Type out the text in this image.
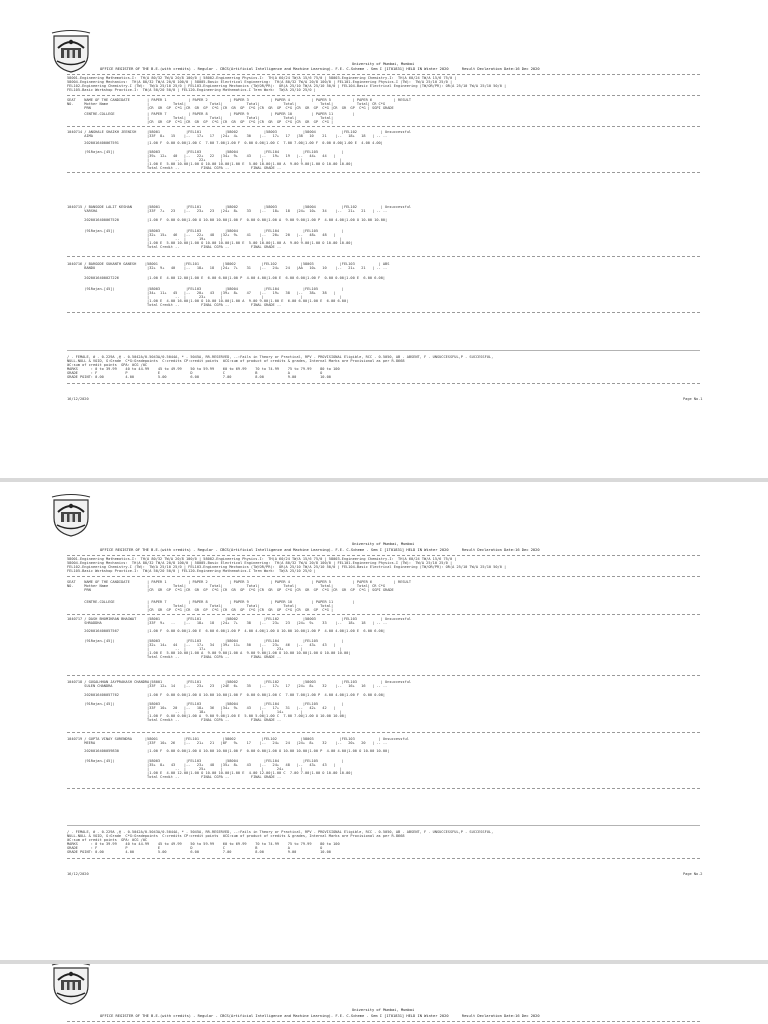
University of Mumbai, Mumbai
OFFICE REGISTER OF THE B.E.(with credits) - Regular - CBCS(Artificial Intelligence and Machine Learning)- F.E. C-Scheme - Sem I [1T01831] HELD IN Winter 2020      Result Declaration Date:16 Dec 2020
58001-Engineering Mathematics-I:  TH(A 80/32 TW/A 20/8 100/0 | 58002-Engineering Physics-I:  TH(A 60/24 TW/A 15/6 75/0 | 58003-Engineering Chemistry-I:  TH(A 60/24 TW/A 15/6 75/0 |
58004-Engineering Mechanics:  TH(A 80/32 TW/A 20/8 100/0 | 58005-Basic Electrical Engineering:  TH(A 80/32 TW/A 20/8 100/0 | FEL101-Engineering Physics-I (TW):  TW/A 25/10 25/0 |
FEL102-Engineering Chemistry-I (TW):  TW/A 25/10 25/0 | FEL103-Engineering Mechanics (TW/OR/PR):  OR(A 25/10 TW/A 25/10 50/0 | FEL104-Basic Electrical Engineering (TW/OR/PR): OR(A 25/10 TW/A 25/10 50/0 |
FEL105-Basic Workshop Practice-I:  TW(A 50/20 50/0 | FEL120-Engineering Mathematics-I Term Work:  TW/A 25/10 25/0 |
SEAT    NAME OF THE CANDIDATE        | PAPER 1          | PAPER 2          | PAPER 3          | PAPER 4          | PAPER 5          | PAPER 6          | RESULT
NO.     Mother Name                  |           Total|           Total|           Total|           Total|           Total|           Total| CR C*G
PRN                          |CR  GR  GP  C*G |CR  GR  GP  C*G |CR  GR  GP  C*G |CR  GR  GP  C*G |CR  GR  GP  C*G |CR  GR  GP  C*G | SGPI GRADE
CENTRE-COLLEGE               | PAPER 7          | PAPER 8          | PAPER 9          | PAPER 10         | PAPER 11         |
|           Total|           Total|           Total|           Total|           Total|
|CR  GR  GP  C*G |CR  GR  GP  C*G |CR  GR  GP  C*G |CR  GR  GP  C*G |CR  GR  GP  C*G |
1040714 / ANGHALE SHAIKH JEENISH     |58001            |FEL101           |58002            |58003            |58004            |FEL102           | Unsuccessful
AIMA                         |33F  8+   15    |--   17+   17   |24+  4+    30    |--   17+   17   |38   10    21    |--   18+   18   | -- --
2020016400067591             |1.00 F  0.00 0.00|1.00 C  7.00 7.00|1.00 F  0.00 0.00|1.00 C  7.00 7.00|1.00 F  0.00 0.00|1.00 E  4.00 4.00|
(91Rajan-[45])               |58003            |FEL103           |58004            |FEL104           |FEL105           |
|39+  12+   40   |--   22+   22   |34+  9+    43    |--   19+   19   |--   44+   44   |
|            --  |      22+       |                  |                 |                 |
|1.00 E  5.00 10.00|1.00 O 10.00 10.00|1.00 E  5.00 10.00|1.00 A  9.00 9.00|1.00 O 10.00 10.00|
Total Credit --          FINAL CGPA --          FINAL GRADE --
1040715 / BANSODE LALIT KESHAN       |58001            |FEL101           |58002            |58003            |58004            |FEL102           | Unsuccessful
VARSHA                       |33F  7+   23    |--   23+   23   |24+  8+    33    |--   18+   18   |24+  10+   34    |--   21+   21   | -- --
2020016400067520             |1.00 F  0.00 0.00|1.00 O 10.00 10.00|1.00 F  0.00 0.00|1.00 A  9.00 9.00|1.00 P  4.00 4.00|1.00 O 10.00 10.00|
(91Rajan-[45])               |58003            |FEL103           |58004            |FEL104           |FEL105           |
|32+  15+   46   |--   22+   48   |32+  9+    41    |--   20+   20   |--   48+   48   |
|            --  |      19+       |                  |                 |                 |
|1.00 E  5.00 10.00|1.00 O 10.00 10.00|1.00 E  5.00 10.00|1.00 A  9.00 9.00|1.00 O 10.00 10.00|
Total Credit --          FINAL CGPA --          FINAL GRADE --
1040716 / BARGODE SUKANTH GANESH    |58001            |FEL101           |58002            |FEL102           |58003            |FEL103           | ABS
BANDU                        |32+  9+   40    |--   18+   18   |24+  7+    31    |--   24+   24   |AA   10+   10    |--   21+   21   | -- --
2020016400027226             |1.00 E  4.00 12.00|1.00 E  6.00 6.00|1.00 P  4.00 4.00|1.00 E  6.00 6.00|1.00 F  0.00 0.00|1.00 E  6.00 6.00|
(91Rajan-[45])               |58003            |FEL103           |58004            |FEL104           |FEL105           |
|34+  11+   45   |--   20+   43   |39+  8+    47    |--   19+   38   |--   38+   38   |
|            --  |      23+       |                  |                 |                 |
|1.00 E  4.00 16.00|1.00 O 10.00 10.00|1.00 A  9.00 9.00|1.00 E  6.00 6.00|1.00 E  6.00 6.00|
Total Credit --          FINAL CGPA --          FINAL GRADE --
/ - FEMALE, # - 0.229A ,@ - 0.5042A/0.5043A/0.5044A, * - 5045A, RR-RESERVED, --:Fails in Theory or Practical, RPV - PROVISIONAL Eligible, RCC - 0.5050, AB - ABSENT, F - UNSUCCESSFUL,P - SUCCESSFUL,
NULL-NULL & VOID, G:Grade  C*G:Gradepoints  C:credits CP:credit points  äCG:sum of product of credits & grades, Internal Marks are Provisional as per R.8668
äC:sum of credit points  GPA: äCG /äC
MARKS      : 0 to 39.99    40 to 44.99    45 to 49.99    50 to 59.99    60 to 69.99    70 to 74.99    75 to 79.99    80 to 100
GRADE      : F             P              E              D              C              B              A              O
GRADE POINT: 0.00          4.00           5.00           6.00           7.00           8.00           9.00           10.00
16/12/2020	Page No.1
University of Mumbai, Mumbai
OFFICE REGISTER OF THE B.E.(with credits) - Regular - CBCS(Artificial Intelligence and Machine Learning)- F.E. C-Scheme - Sem I [1T01831] HELD IN Winter 2020      Result Declaration Date:16 Dec 2020
58001-Engineering Mathematics-I:  TH(A 80/32 TW/A 20/8 100/0 | 58002-Engineering Physics-I:  TH(A 60/24 TW/A 15/6 75/0 | 58003-Engineering Chemistry-I:  TH(A 60/24 TW/A 15/6 75/0 |
58004-Engineering Mechanics:  TH(A 80/32 TW/A 20/8 100/0 | 58005-Basic Electrical Engineering:  TH(A 80/32 TW/A 20/8 100/0 | FEL101-Engineering Physics-I (TW):  TW/A 25/10 25/0 |
FEL102-Engineering Chemistry-I (TW):  TW/A 25/10 25/0 | FEL103-Engineering Mechanics (TW/OR/PR):  OR(A 25/10 TW/A 25/10 50/0 | FEL104-Basic Electrical Engineering (TW/OR/PR): OR(A 25/10 TW/A 25/10 50/0 |
FEL105-Basic Workshop Practice-I:  TW(A 50/20 50/0 | FEL120-Engineering Mathematics-I Term Work:  TW/A 25/10 25/0 |
SEAT    NAME OF THE CANDIDATE        | PAPER 1          | PAPER 2          | PAPER 3          | PAPER 4          | PAPER 5          | PAPER 6          | RESULT
NO.     Mother Name                  |           Total|           Total|           Total|           Total|           Total|           Total| CR C*G
PRN                          |CR  GR  GP  C*G |CR  GR  GP  C*G |CR  GR  GP  C*G |CR  GR  GP  C*G |CR  GR  GP  C*G |CR  GR  GP  C*G | SGPI GRADE
CENTRE-COLLEGE               | PAPER 7          | PAPER 8          | PAPER 9          | PAPER 10         | PAPER 11         |
|           Total|           Total|           Total|           Total|           Total|
|CR  GR  GP  C*G |CR  GR  GP  C*G |CR  GR  GP  C*G |CR  GR  GP  C*G |CR  GR  GP  C*G |
1040717 / DASH BHOMIKRAN BHAGWAT     |58001            |FEL101           |58002            |FEL102           |58003            |FEL103           | Unsuccessful
SHRADDHA                     |33F  9+   --    |--   18+   18   |24+  7+    38    |--   23+   23   |24+  9+    33    |--   18+   18   | -- --
2020016400057567             |1.00 F  0.00 0.00|1.00 E  6.00 6.00|1.00 P  4.00 4.00|1.00 O 10.00 10.00|1.00 P  4.00 4.00|1.00 E  6.00 6.00|
(91Rajan-[45])               |58003            |FEL103           |58004            |FEL104           |FEL105           |
|32+  14+   44   |--   17+   34   |39+  11+   50    |--   23+   46   |--   43+   43   |
|            --  |      17+       |                  |      23+        |                 |
|1.00 E  5.00 10.00|1.00 A  9.00 9.00|1.00 A  9.00 9.00|1.00 O 10.00 10.00|1.00 O 10.00 10.00|
Total Credit --          FINAL CGPA --          FINAL GRADE --
1040718 / GUGALHHAN JAYPRAKASH CHANDRA|58001           |FEL101           |58002            |FEL102           |58003            |FEL103           | Unsuccessful
SULEN CHANDRA                |33F  12+  14    |--   23+   23   |24E  6+    35    |--   17+   17   |24+  8+    32    |--   16+   16   | -- --
2020016400057762             |1.00 F  0.00 0.00|1.00 O 10.00 10.00|1.00 F  0.00 0.00|1.00 C  7.00 7.00|1.00 P  4.00 4.00|1.00 F  0.00 0.00|
(91Rajan-[45])               |58003            |FEL103           |58004            |FEL104           |FEL105           |
|33F  10+   20   |--   18+   36   |34+  9+    43    |--   17+   31   |--   42+   42   |
|            --  |      18+       |                  |      14+        |                 |
|1.00 F  0.00 0.00|1.00 A  9.00 9.00|1.00 E  5.00 5.00|1.00 C  7.00 7.00|1.00 O 10.00 10.00|
Total Credit --          FINAL CGPA --          FINAL GRADE --
1040719 / GUPTA VINAY SURENDRA      |58001            |FEL101           |58002            |FEL102           |58003            |FEL103           | Unsuccessful
MEERA                        |33F  10+  26    |--   21+   21   |8F   9+    17    |--   24+   24   |24+  8+    32    |--   20+   20   | -- --
2020016400059830             |1.00 F  0.00 0.00|1.00 O 10.00 10.00|1.00 F  0.00 0.00|1.00 O 10.00 10.00|1.00 P  4.00 4.00|1.00 O 10.00 10.00|
(91Rajan-[45])               |58003            |FEL103           |58004            |FEL104           |FEL105           |
|35+  8+   43    |--   23+   48   |35+  8+    43    |--   24+   48   |--   43+   43   |
|            --  |      25+       |                  |      24+        |                 |
|1.00 E  4.00 12.00|1.00 O 10.00 10.00|1.00 E  4.00 12.00|1.00 C  7.00 7.00|1.00 O 10.00 10.00|
Total Credit --          FINAL CGPA --          FINAL GRADE --
/ - FEMALE, # - 0.229A ,@ - 0.5042A/0.5043A/0.5044A, * - 5045A, RR-RESERVED, --:Fails in Theory or Practical, RPV - PROVISIONAL Eligible, RCC - 0.5050, AB - ABSENT, F - UNSUCCESSFUL,P - SUCCESSFUL,
NULL-NULL & VOID, G:Grade  C*G:Gradepoints  C:credits CP:credit points  äCG:sum of product of credits & grades, Internal Marks are Provisional as per R.8668
äC:sum of credit points  GPA: äCG /äC
MARKS      : 0 to 39.99    40 to 44.99    45 to 49.99    50 to 59.99    60 to 69.99    70 to 74.99    75 to 79.99    80 to 100
GRADE      : F             P              E              D              C              B              A              O
GRADE POINT: 0.00          4.00           5.00           6.00           7.00           8.00           9.00           10.00
16/12/2020	Page No.2
University of Mumbai, Mumbai
OFFICE REGISTER OF THE B.E.(with credits) - Regular - CBCS(Artificial Intelligence and Machine Learning)- F.E. C-Scheme - Sem I [1T01831] HELD IN Winter 2020      Result Declaration Date:16 Dec 2020
